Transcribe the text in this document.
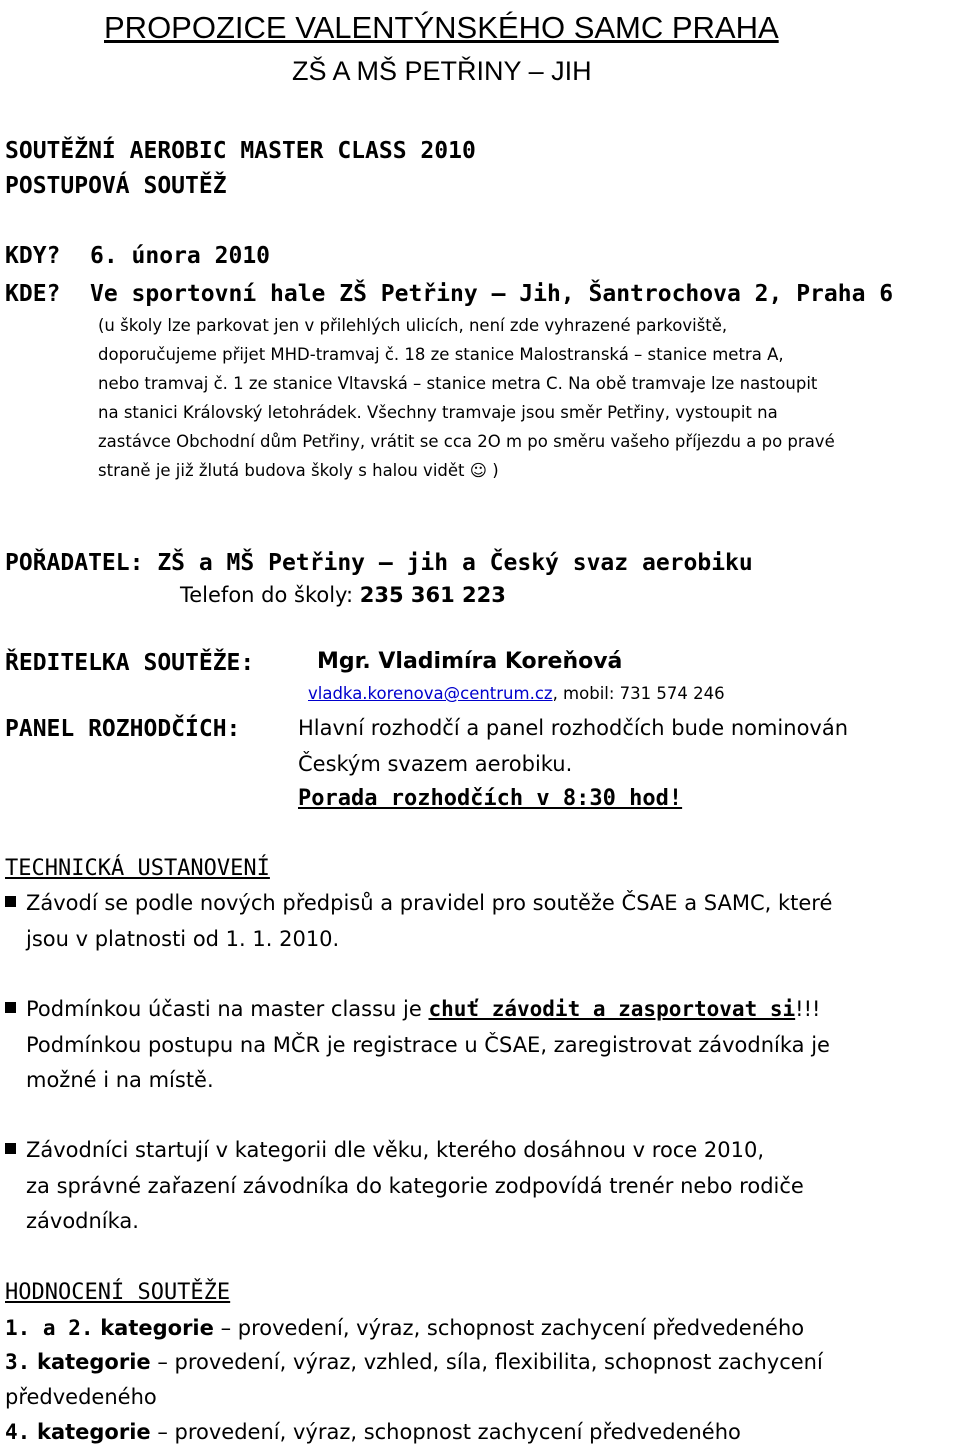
PROPOZICE VALENTÝNSKÉHO SAMC PRAHA
ZŠ A MŠ PETŘINY – JIH
SOUTĚŽNÍ AEROBIC MASTER CLASS 2010
POSTUPOVÁ SOUTĚŽ
KDY? 6. února 2010
KDE? Ve sportovní hale ZŠ Petřiny – Jih, Šantrochova 2, Praha 6
(u školy lze parkovat jen v přilehlých ulicích, není zde vyhrazené parkoviště,
doporučujeme přijet MHD-tramvaj č. 18 ze stanice Malostranská – stanice metra A,
nebo tramvaj č. 1 ze stanice Vltavská – stanice metra C. Na obě tramvaje lze nastoupit
na stanici Královský letohrádek. Všechny tramvaje jsou směr Petřiny, vystoupit na
zastávce Obchodní dům Petřiny, vrátit se cca 2O m po směru vašeho příjezdu a po pravé
straně je již žlutá budova školy s halou vidět ☺ )
POŘADATEL: ZŠ a MŠ Petřiny – jih a Český svaz aerobiku
Telefon do školy: 235 361 223
ŘEDITELKA SOUTĚŽE:	Mgr. Vladimíra Koreňová
vladka.korenova@centrum.cz, mobil: 731 574 246
PANEL ROZHODČÍCH:	Hlavní rozhodčí a panel rozhodčích bude nominován
Českým svazem aerobiku.
Porada rozhodčích v 8:30 hod!
TECHNICKÁ USTANOVENÍ
Závodí se podle nových předpisů a pravidel pro soutěže ČSAE a SAMC, které
jsou v platnosti od 1. 1. 2010.
Podmínkou účasti na master classu je chuť závodit a zasportovat si!!!
Podmínkou postupu na MČR je registrace u ČSAE, zaregistrovat závodníka je
možné i na místě.
Závodníci startují v kategorii dle věku, kterého dosáhnou v roce 2010,
za správné zařazení závodníka do kategorie zodpovídá trenér nebo rodiče
závodníka.
HODNOCENÍ SOUTĚŽE
1. a 2. kategorie – provedení, výraz, schopnost zachycení předvedeného
3. kategorie – provedení, výraz, vzhled, síla, flexibilita, schopnost zachycení
předvedeného
4. kategorie – provedení, výraz, schopnost zachycení předvedeného
